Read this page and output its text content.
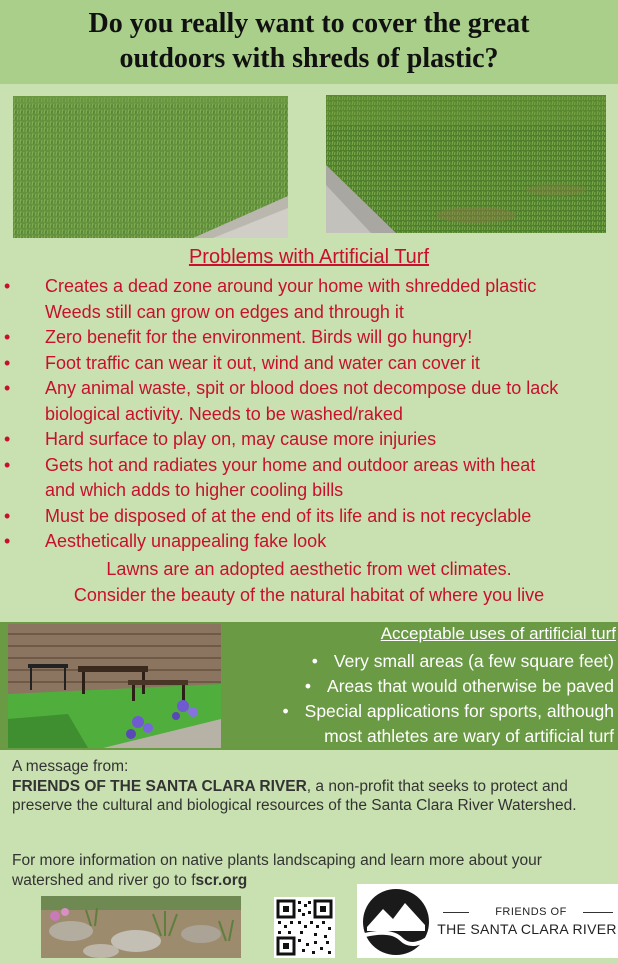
Do you really want to cover the great
outdoors with shreds of plastic?
Problems with Artificial Turf
• Creates a dead zone around your home with shredded plastic
Weeds still can grow on edges and through it
• Zero benefit for the environment. Birds will go hungry!
• Foot traffic can wear it out, wind and water can cover it
• Any animal waste, spit or blood does not decompose due to lack
biological activity. Needs to be washed/raked
• Hard surface to play on, may cause more injuries
• Gets hot and radiates your home and outdoor areas with heat
and which adds to higher cooling bills
• Must be disposed of at the end of its life and is not recyclable
• Aesthetically unappealing fake look
Lawns are an adopted aesthetic from wet climates.
Consider the beauty of the natural habitat of where you live
Acceptable uses of artificial turf
• Very small areas (a few square feet)
• Areas that would otherwise be paved
• Special applications for sports, although
most athletes are wary of artificial turf
A message from:
FRIENDS OF THE SANTA CLARA RIVER, a non-profit that seeks to protect and preserve the cultural and biological resources of the Santa Clara River Watershed.
For more information on native plants landscaping and learn more about your watershed and river go to fscr.org
FRIENDS OF
THE SANTA CLARA RIVER
